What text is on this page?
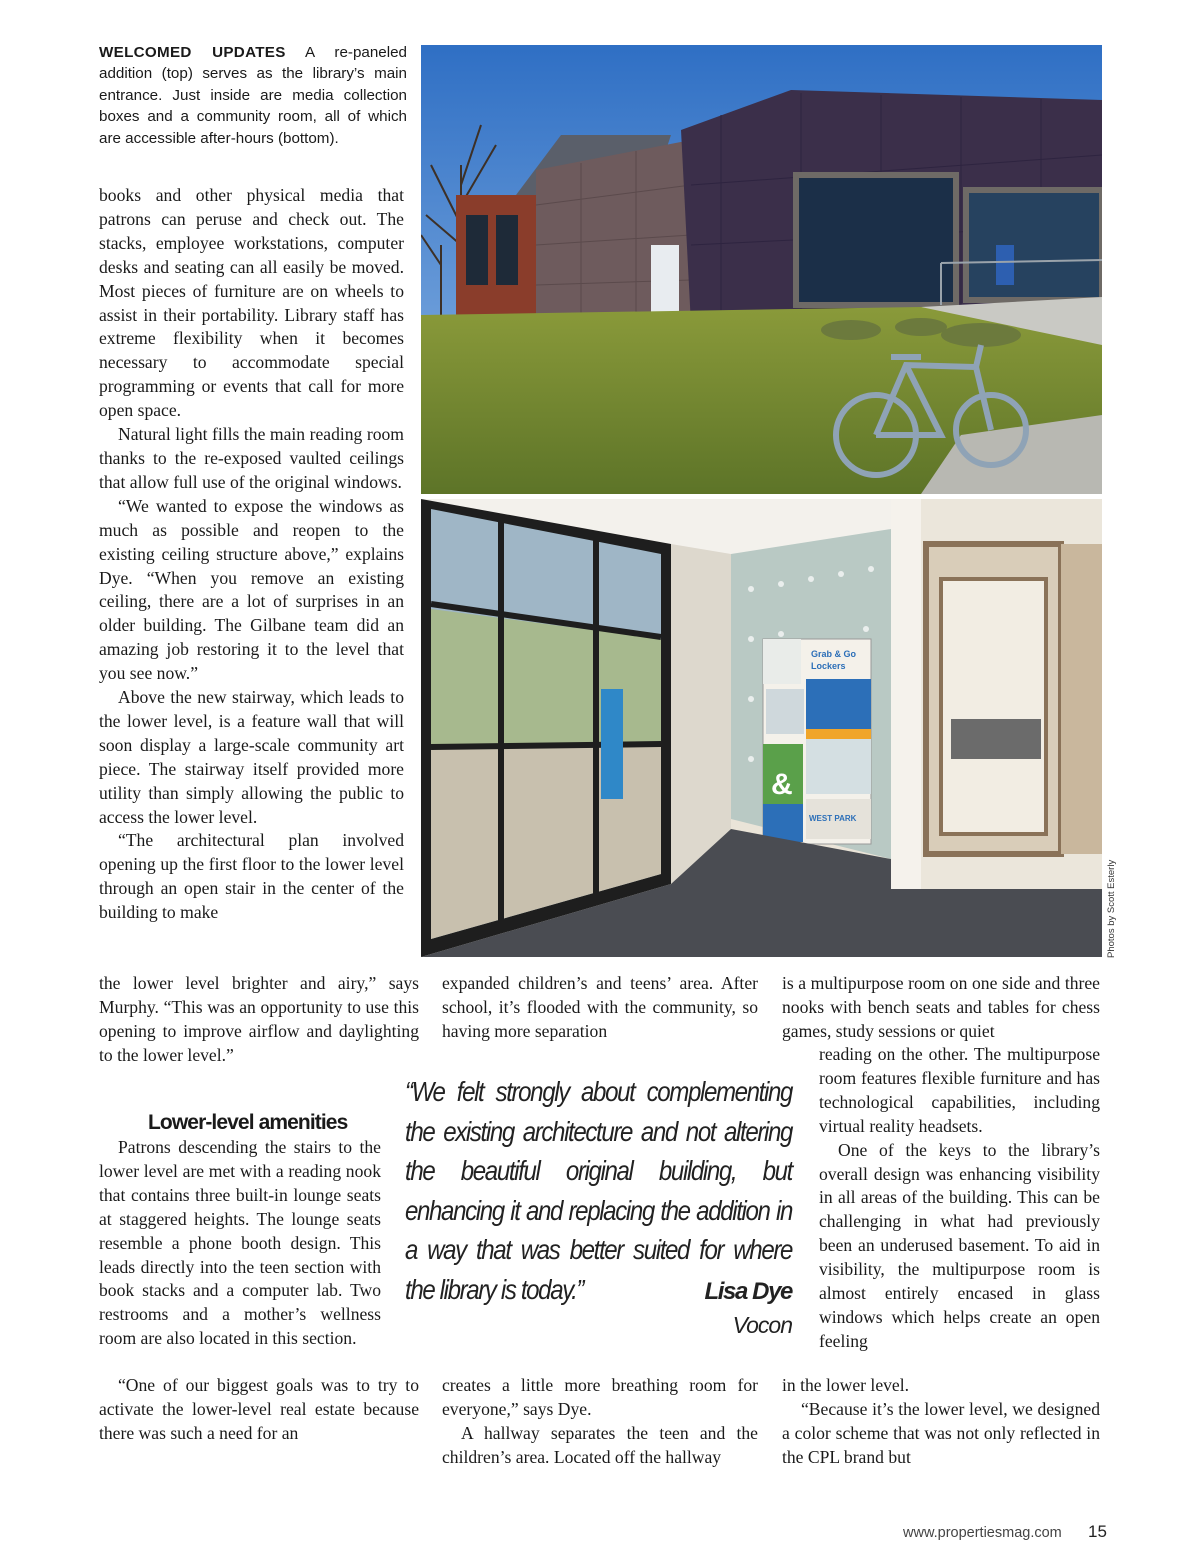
WELCOMED UPDATES A re-paneled addition (top) serves as the library’s main entrance. Just inside are media collection boxes and a community room, all of which are accessible after-hours (bottom).
Grab & Go
Lockers
&
WEST PARK
Photos by Scott Esterly

books and other physical media that patrons can peruse and check out. The stacks, employee workstations, computer desks and seating can all easily be moved. Most pieces of furniture are on wheels to assist in their portability. Library staff has extreme flexibility when it becomes necessary to accommodate special programming or events that call for more open space.

Natural light fills the main reading room thanks to the re-exposed vaulted ceilings that allow full use of the original windows.

“We wanted to expose the windows as much as possible and reopen to the existing ceiling structure above,” explains Dye. “When you remove an existing ceiling, there are a lot of surprises in an older building. The Gilbane team did an amazing job restoring it to the level that you see now.”

Above the new stairway, which leads to the lower level, is a feature wall that will soon display a large-scale community art piece. The stairway itself provided more utility than simply allowing the public to access the lower level.

“The architectural plan involved opening up the first floor to the lower level through an open stair in the center of the building to make

the lower level brighter and airy,” says Murphy. “This was an opportunity to use this opening to improve airflow and daylighting to the lower level.”

Lower-level amenities

Patrons descending the stairs to the lower level are met with a reading nook that contains three built-in lounge seats at staggered heights. The lounge seats resemble a phone booth design. This leads directly into the teen section with book stacks and a computer lab. Two restrooms and a mother’s wellness room are also located in this section.

“One of our biggest goals was to try to activate the lower-level real estate because there was such a need for an

expanded children’s and teens’ area. After school, it’s flooded with the community, so having more separation

creates a little more breathing room for everyone,” says Dye.

A hallway separates the teen and the children’s area. Located off the hallway

“We felt strongly about complementing the existing architecture and not altering the beautiful original building, but enhancing it and replacing the addition in a way that was better suited for where the library is today.”	Lisa Dye
Vocon

is a multipurpose room on one side and three nooks with bench seats and tables for chess games, study sessions or quiet

reading on the other. The multipurpose room features flexible furniture and has technological capabilities, including virtual reality headsets.

One of the keys to the library’s overall design was enhancing visibility in all areas of the building. This can be challenging in what had previously been an underused basement. To aid in visibility, the multipurpose room is almost entirely encased in glass windows which helps create an open feeling

in the lower level.

“Because it’s the lower level, we designed a color scheme that was not only reflected in the CPL brand but

www.propertiesmag.com 15
